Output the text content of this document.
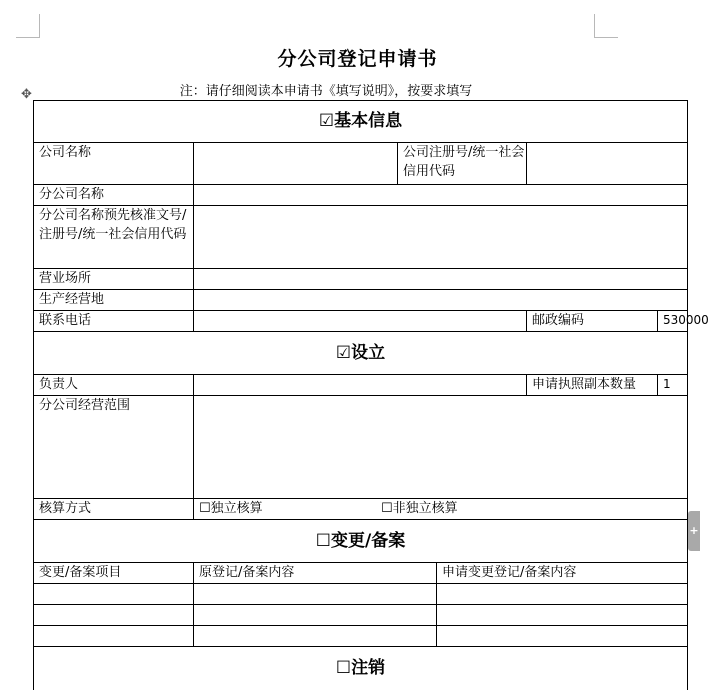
分公司登记申请书
注：请仔细阅读本申请书《填写说明》，按要求填写
✥
+
☑基本信息					
公司名称		公司注册号/统一社会信用代码			
分公司名称					
分公司名称预先核准文号/注册号/统一社会信用代码					
营业场所					
生产经营地					
联系电话				邮政编码	530000
☑设立					
负责人				申请执照副本数量	1
分公司经营范围					
核算方式	☐独立核算 ☐非独立核算				
☐变更/备案					
变更/备案项目	原登记/备案内容		申请变更登记/备案内容		

☐注销					
